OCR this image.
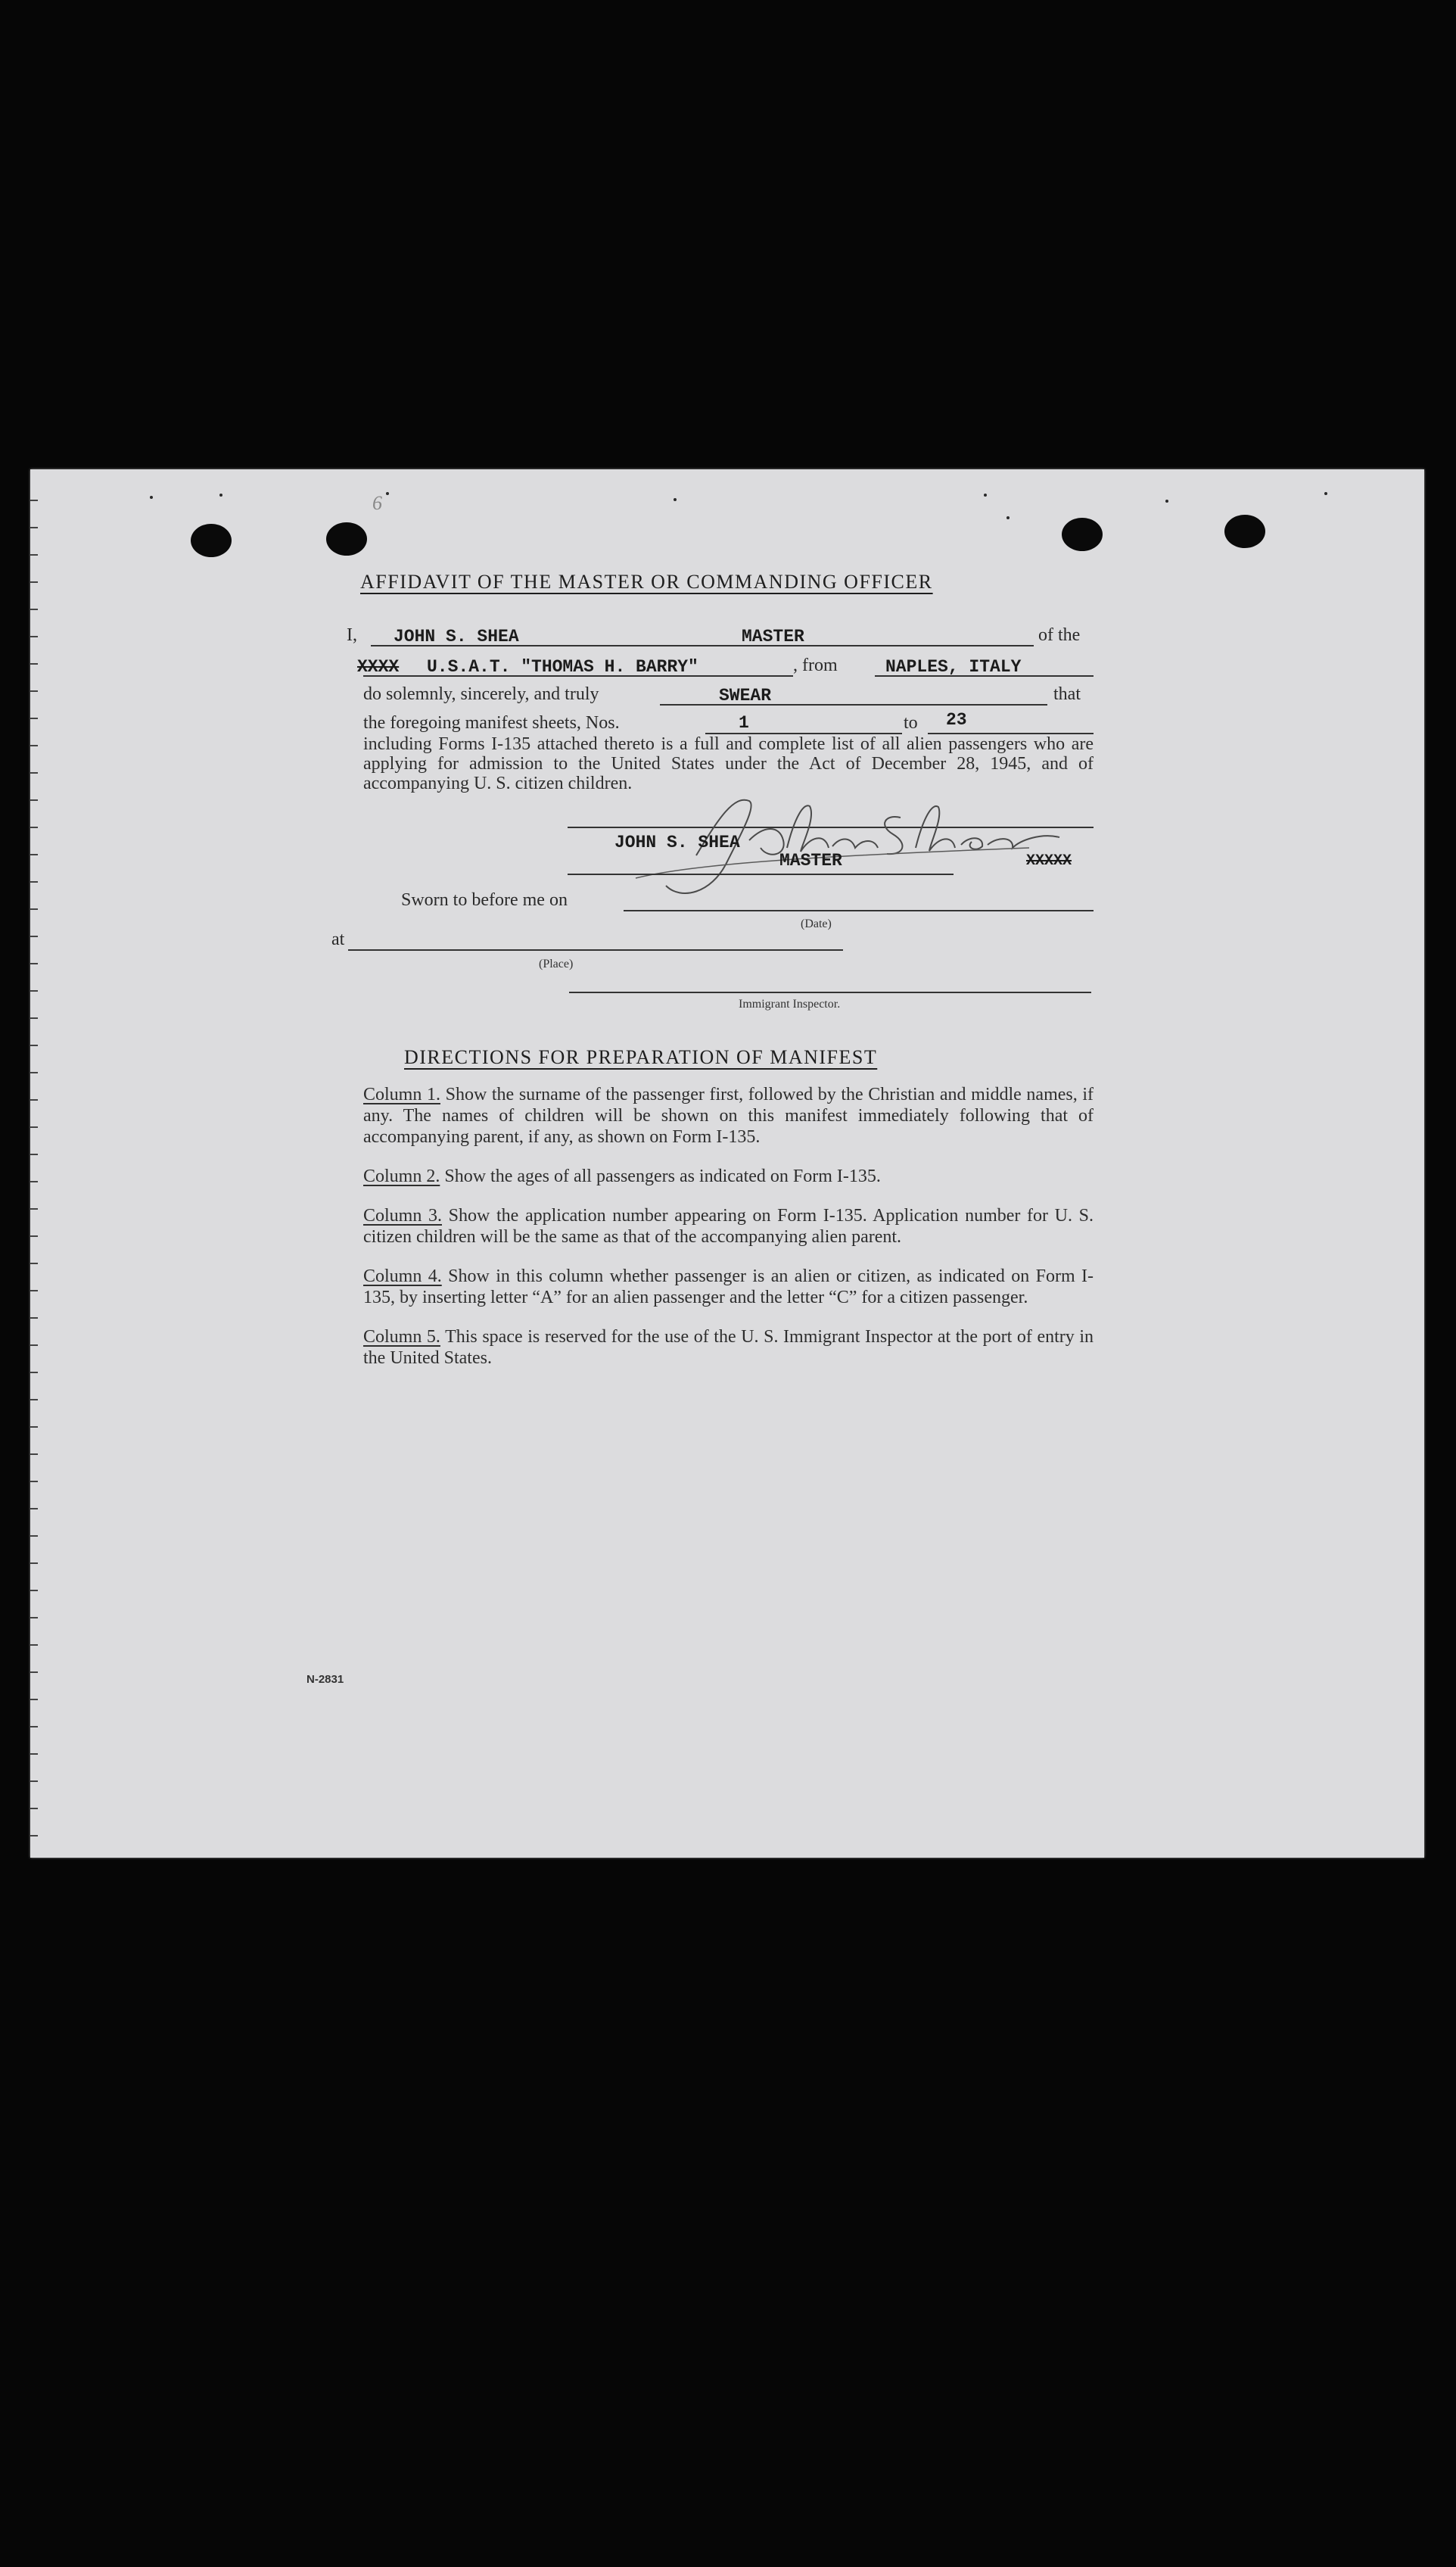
6
AFFIDAVIT OF THE MASTER OR COMMANDING OFFICER
I, JOHN S. SHEA	MASTER	of the
XXXX U.S.A.T. "THOMAS H. BARRY"	, from	NAPLES, ITALY
do solemnly, sincerely, and truly	SWEAR	that
the foregoing manifest sheets, Nos.	1	to 23
including Forms I-135 attached thereto is a full and complete list of all alien passengers who are applying for admission to the United States under the Act of December 28, 1945, and of accompanying U. S. citizen children.
JOHN S. SHEA
MASTER	XXXXX
Sworn to before me on
(Date)
at
(Place)
Immigrant Inspector.
DIRECTIONS FOR PREPARATION OF MANIFEST

Column 1. Show the surname of the passenger first, followed by the Christian and middle names, if any. The names of children will be shown on this manifest immediately following that of accompanying parent, if any, as shown on Form I-135.

Column 2. Show the ages of all passengers as indicated on Form I-135.

Column 3. Show the application number appearing on Form I-135. Application number for U. S. citizen children will be the same as that of the accompanying alien parent.

Column 4. Show in this column whether passenger is an alien or citizen, as indicated on Form I-135, by inserting letter “A” for an alien passenger and the letter “C” for a citizen passenger.

Column 5. This space is reserved for the use of the U. S. Immigrant Inspector at the port of entry in the United States.

N-2831
